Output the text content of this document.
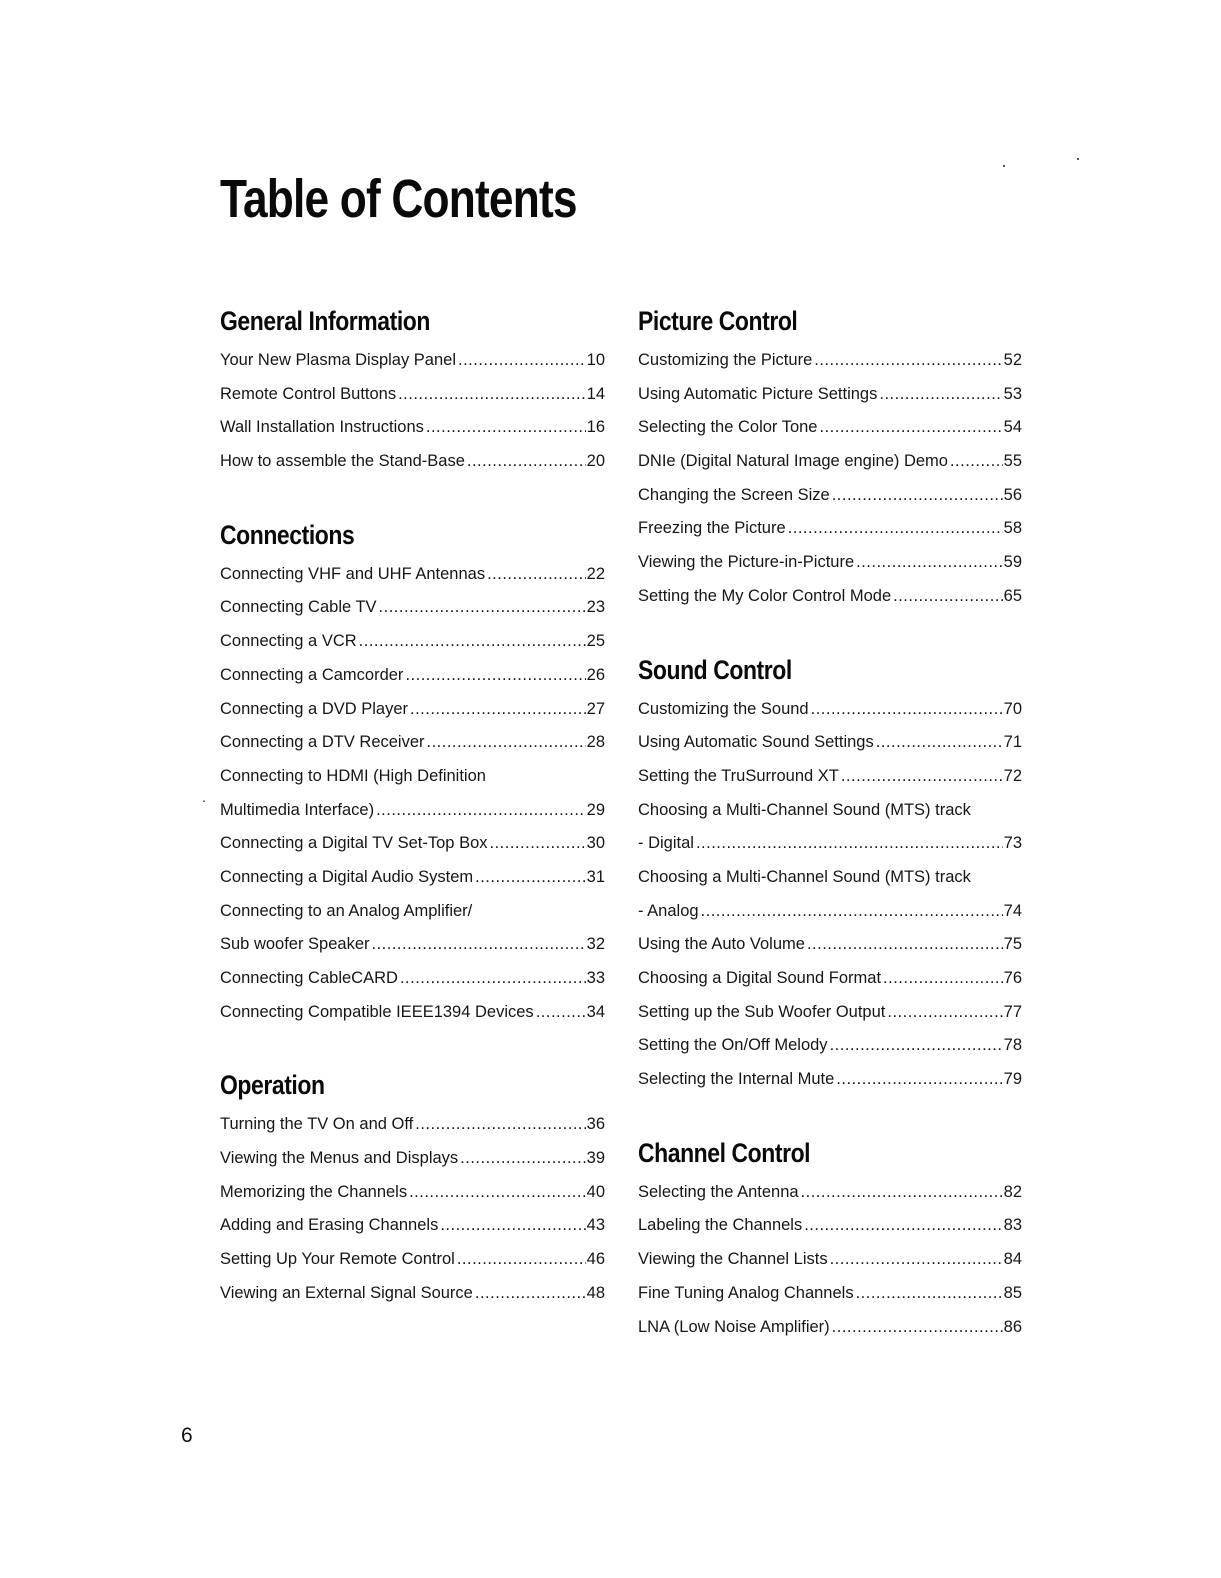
Table of Contents
General Information
Your New Plasma Display Panel .....	10
Remote Control Buttons .....	14
Wall Installation Instructions .....	16
How to assemble the Stand-Base .....	20
Connections
Connecting VHF and UHF Antennas .....	22
Connecting Cable TV .....	23
Connecting a VCR .....	25
Connecting a Camcorder .....	26
Connecting a DVD Player .....	27
Connecting a DTV Receiver .....	28
Connecting to HDMI (High Definition
Multimedia Interface) .....	29
Connecting a Digital TV Set-Top Box .....	30
Connecting a Digital Audio System .....	31
Connecting to an Analog Amplifier/
Sub woofer Speaker .....	32
Connecting CableCARD .....	33
Connecting Compatible IEEE1394 Devices .....	34
Operation
Turning the TV On and Off .....	36
Viewing the Menus and Displays .....	39
Memorizing the Channels .....	40
Adding and Erasing Channels .....	43
Setting Up Your Remote Control .....	46
Viewing an External Signal Source .....	48
Picture Control
Customizing the Picture .....	52
Using Automatic Picture Settings .....	53
Selecting the Color Tone .....	54
DNIe (Digital Natural Image engine) Demo .....	55
Changing the Screen Size .....	56
Freezing the Picture .....	58
Viewing the Picture-in-Picture .....	59
Setting the My Color Control Mode .....	65
Sound Control
Customizing the Sound .....	70
Using Automatic Sound Settings .....	71
Setting the TruSurround XT .....	72
Choosing a Multi-Channel Sound (MTS) track
- Digital .....	73
Choosing a Multi-Channel Sound (MTS) track
- Analog .....	74
Using the Auto Volume .....	75
Choosing a Digital Sound Format .....	76
Setting up the Sub Woofer Output .....	77
Setting the On/Off Melody .....	78
Selecting the Internal Mute .....	79
Channel Control
Selecting the Antenna .....	82
Labeling the Channels .....	83
Viewing the Channel Lists .....	84
Fine Tuning Analog Channels .....	85
LNA (Low Noise Amplifier) .....	86
.
6
